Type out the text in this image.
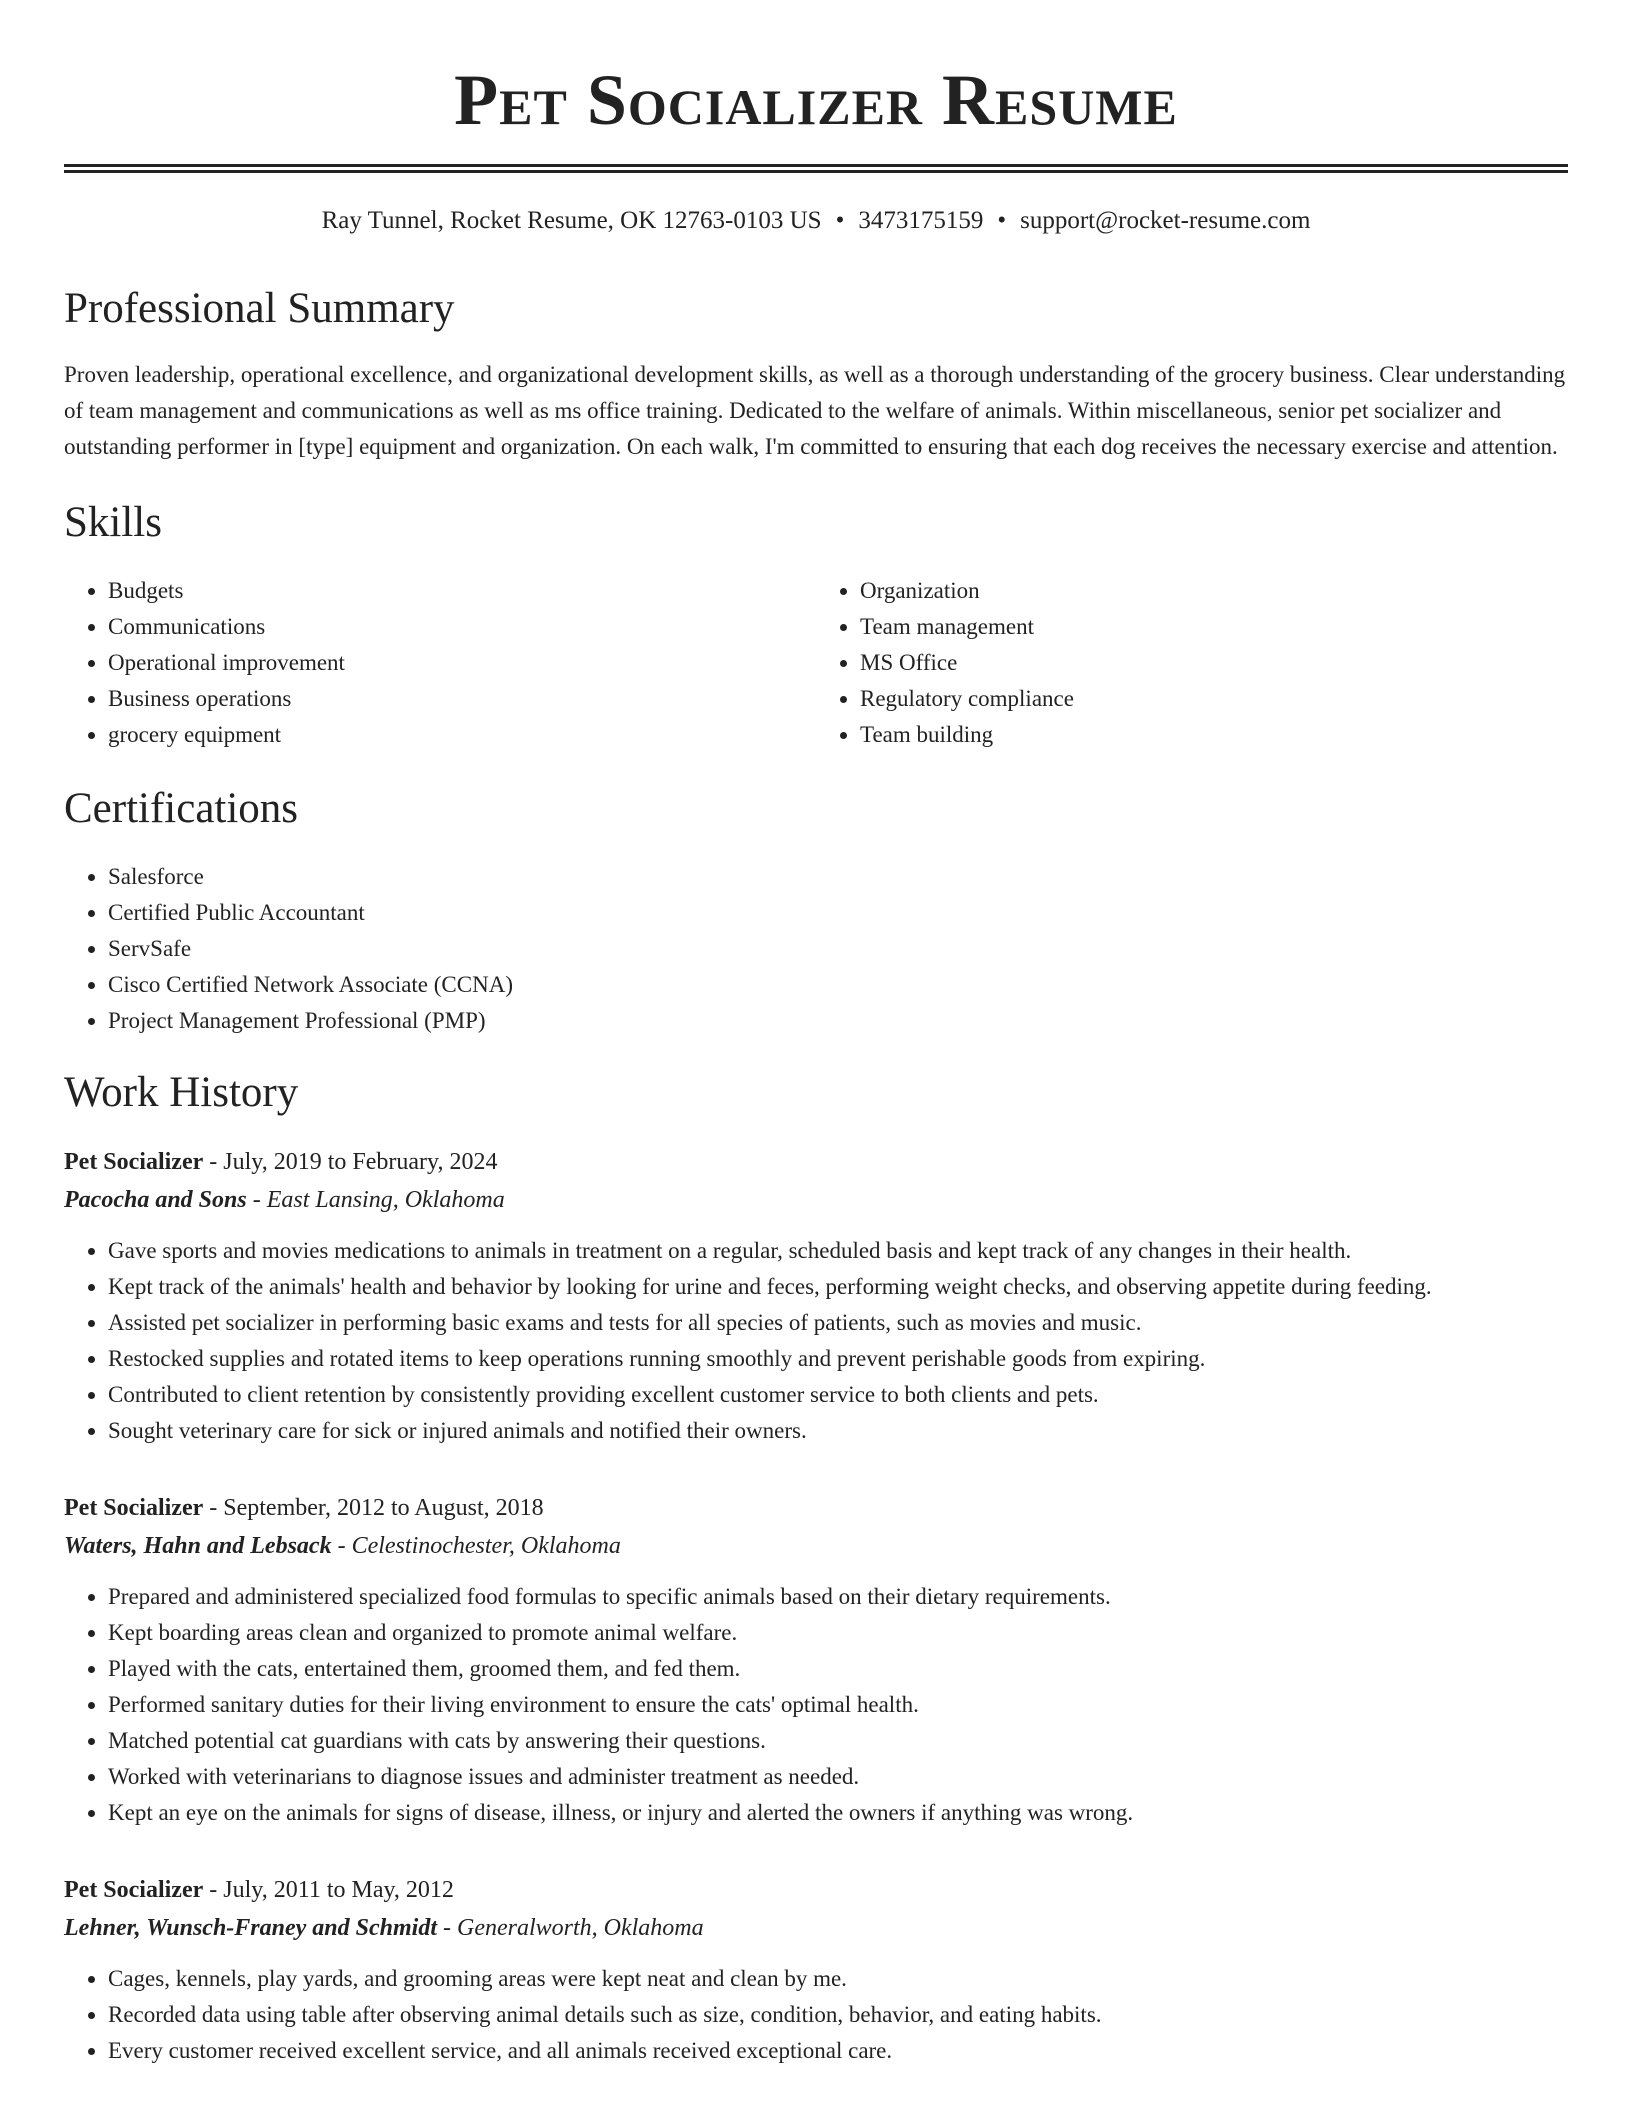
Pet Socializer Resume
Ray Tunnel, Rocket Resume, OK 12763-0103 US • 3473175159 • support@rocket-resume.com
Professional Summary

Proven leadership, operational excellence, and organizational development skills, as well as a thorough understanding of the grocery business. Clear understanding of team management and communications as well as ms office training. Dedicated to the welfare of animals. Within miscellaneous, senior pet socializer and outstanding performer in [type] equipment and organization. On each walk, I'm committed to ensuring that each dog receives the necessary exercise and attention.

Skills
• Budgets
• Communications
• Operational improvement
• Business operations
• grocery equipment
• Organization
• Team management
• MS Office
• Regulatory compliance
• Team building
Certifications
• Salesforce
• Certified Public Accountant
• ServSafe
• Cisco Certified Network Associate (CCNA)
• Project Management Professional (PMP)
Work History
Pet Socializer - July, 2019 to February, 2024
Pacocha and Sons - East Lansing, Oklahoma
• Gave sports and movies medications to animals in treatment on a regular, scheduled basis and kept track of any changes in their health.
• Kept track of the animals' health and behavior by looking for urine and feces, performing weight checks, and observing appetite during feeding.
• Assisted pet socializer in performing basic exams and tests for all species of patients, such as movies and music.
• Restocked supplies and rotated items to keep operations running smoothly and prevent perishable goods from expiring.
• Contributed to client retention by consistently providing excellent customer service to both clients and pets.
• Sought veterinary care for sick or injured animals and notified their owners.
Pet Socializer - September, 2012 to August, 2018
Waters, Hahn and Lebsack - Celestinochester, Oklahoma
• Prepared and administered specialized food formulas to specific animals based on their dietary requirements.
• Kept boarding areas clean and organized to promote animal welfare.
• Played with the cats, entertained them, groomed them, and fed them.
• Performed sanitary duties for their living environment to ensure the cats' optimal health.
• Matched potential cat guardians with cats by answering their questions.
• Worked with veterinarians to diagnose issues and administer treatment as needed.
• Kept an eye on the animals for signs of disease, illness, or injury and alerted the owners if anything was wrong.
Pet Socializer - July, 2011 to May, 2012
Lehner, Wunsch-Franey and Schmidt - Generalworth, Oklahoma
• Cages, kennels, play yards, and grooming areas were kept neat and clean by me.
• Recorded data using table after observing animal details such as size, condition, behavior, and eating habits.
• Every customer received excellent service, and all animals received exceptional care.
